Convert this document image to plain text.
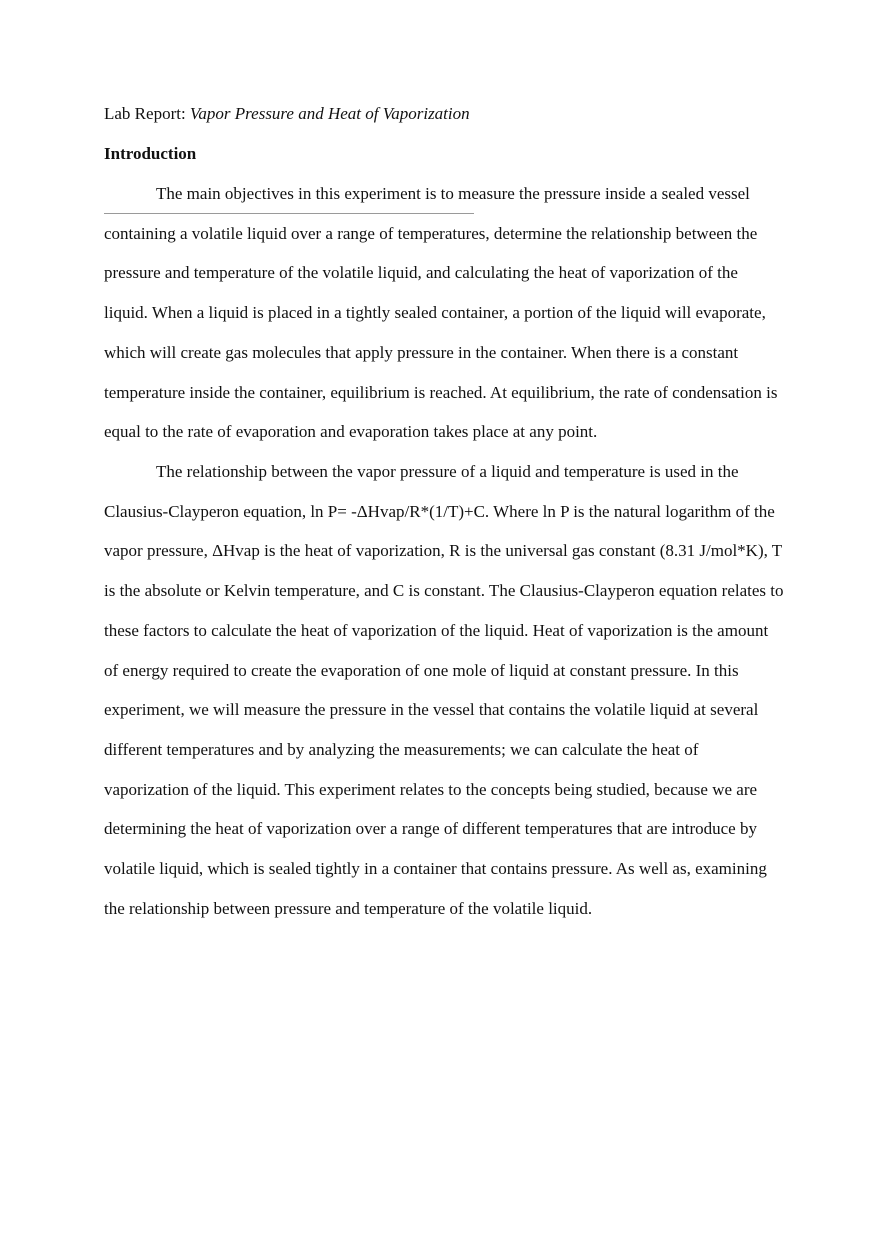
Lab Report: Vapor Pressure and Heat of Vaporization
Introduction

The main objectives in this experiment is to measure the pressure inside a sealed vessel containing a volatile liquid over a range of temperatures, determine the relationship between the pressure and temperature of the volatile liquid, and calculating the heat of vaporization of the liquid. When a liquid is placed in a tightly sealed container, a portion of the liquid will evaporate, which will create gas molecules that apply pressure in the container. When there is a constant temperature inside the container, equilibrium is reached. At equilibrium, the rate of condensation is equal to the rate of evaporation and evaporation takes place at any point.

The relationship between the vapor pressure of a liquid and temperature is used in the Clausius-Clayperon equation, ln P= -ΔHvap/R*(1/T)+C. Where ln P is the natural logarithm of the vapor pressure, ΔHvap is the heat of vaporization, R is the universal gas constant (8.31 J/mol*K), T is the absolute or Kelvin temperature, and C is constant. The Clausius-Clayperon equation relates to these factors to calculate the heat of vaporization of the liquid. Heat of vaporization is the amount of energy required to create the evaporation of one mole of liquid at constant pressure. In this experiment, we will measure the pressure in the vessel that contains the volatile liquid at several different temperatures and by analyzing the measurements; we can calculate the heat of vaporization of the liquid. This experiment relates to the concepts being studied, because we are determining the heat of vaporization over a range of different temperatures that are introduce by volatile liquid, which is sealed tightly in a container that contains pressure. As well as, examining the relationship between pressure and temperature of the volatile liquid.
